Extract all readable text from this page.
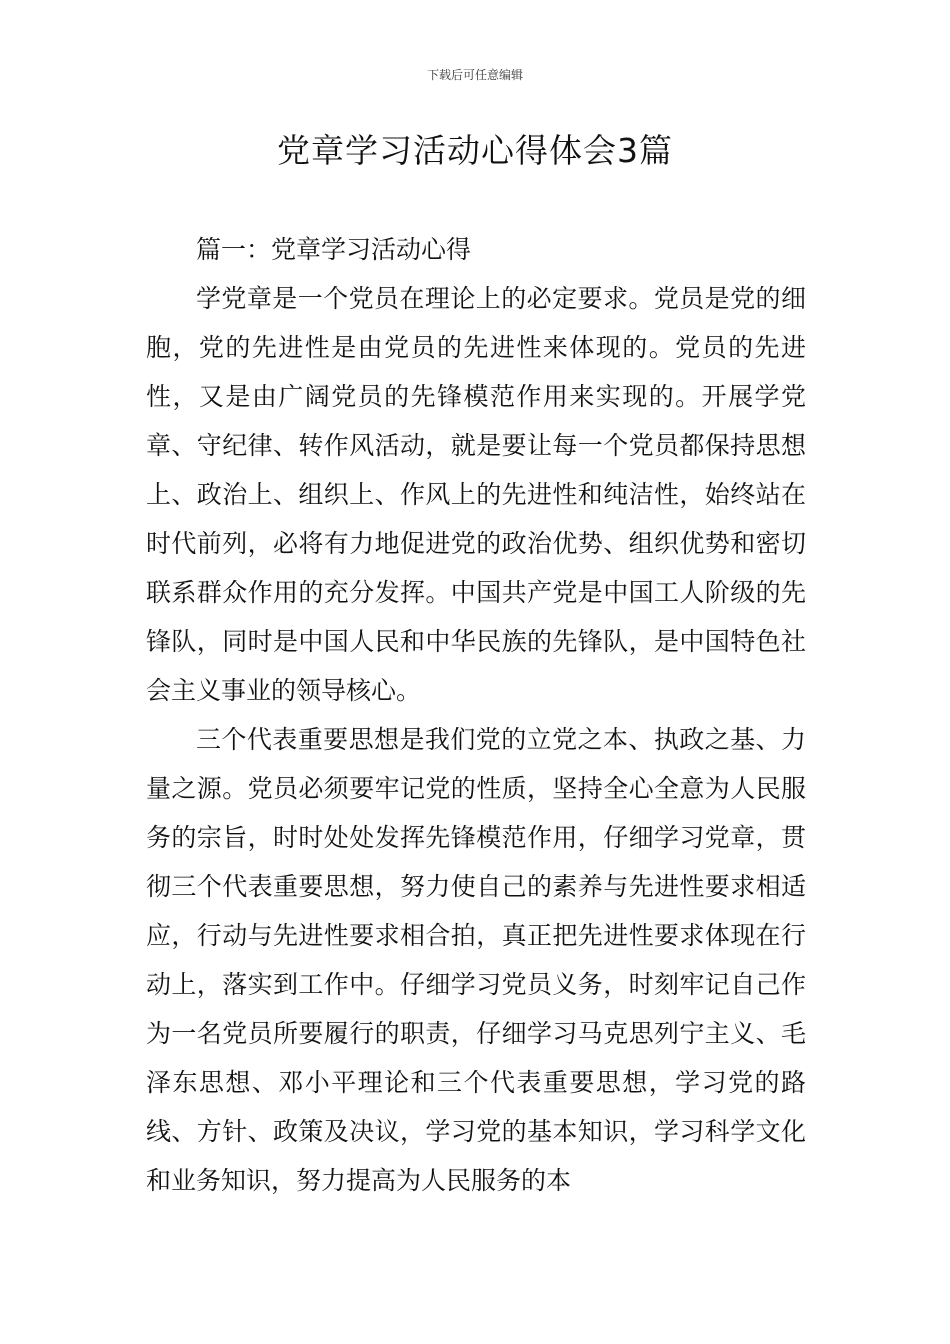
下载后可任意编辑
党章学习活动心得体会3篇

篇一：党章学习活动心得

学党章是一个党员在理论上的必定要求。党员是党的细胞，党的先进性是由党员的先进性来体现的。党员的先进性，又是由广阔党员的先锋模范作用来实现的。开展学党章、守纪律、转作风活动，就是要让每一个党员都保持思想上、政治上、组织上、作风上的先进性和纯洁性，始终站在时代前列，必将有力地促进党的政治优势、组织优势和密切联系群众作用的充分发挥。中国共产党是中国工人阶级的先锋队，同时是中国人民和中华民族的先锋队，是中国特色社会主义事业的领导核心。

三个代表重要思想是我们党的立党之本、执政之基、力量之源。党员必须要牢记党的性质，坚持全心全意为人民服务的宗旨，时时处处发挥先锋模范作用，仔细学习党章，贯彻三个代表重要思想，努力使自己的素养与先进性要求相适应，行动与先进性要求相合拍，真正把先进性要求体现在行动上，落实到工作中。仔细学习党员义务，时刻牢记自己作为一名党员所要履行的职责，仔细学习马克思列宁主义、毛泽东思想、邓小平理论和三个代表重要思想，学习党的路线、方针、政策及决议，学习党的基本知识，学习科学文化和业务知识，努力提高为人民服务的本
